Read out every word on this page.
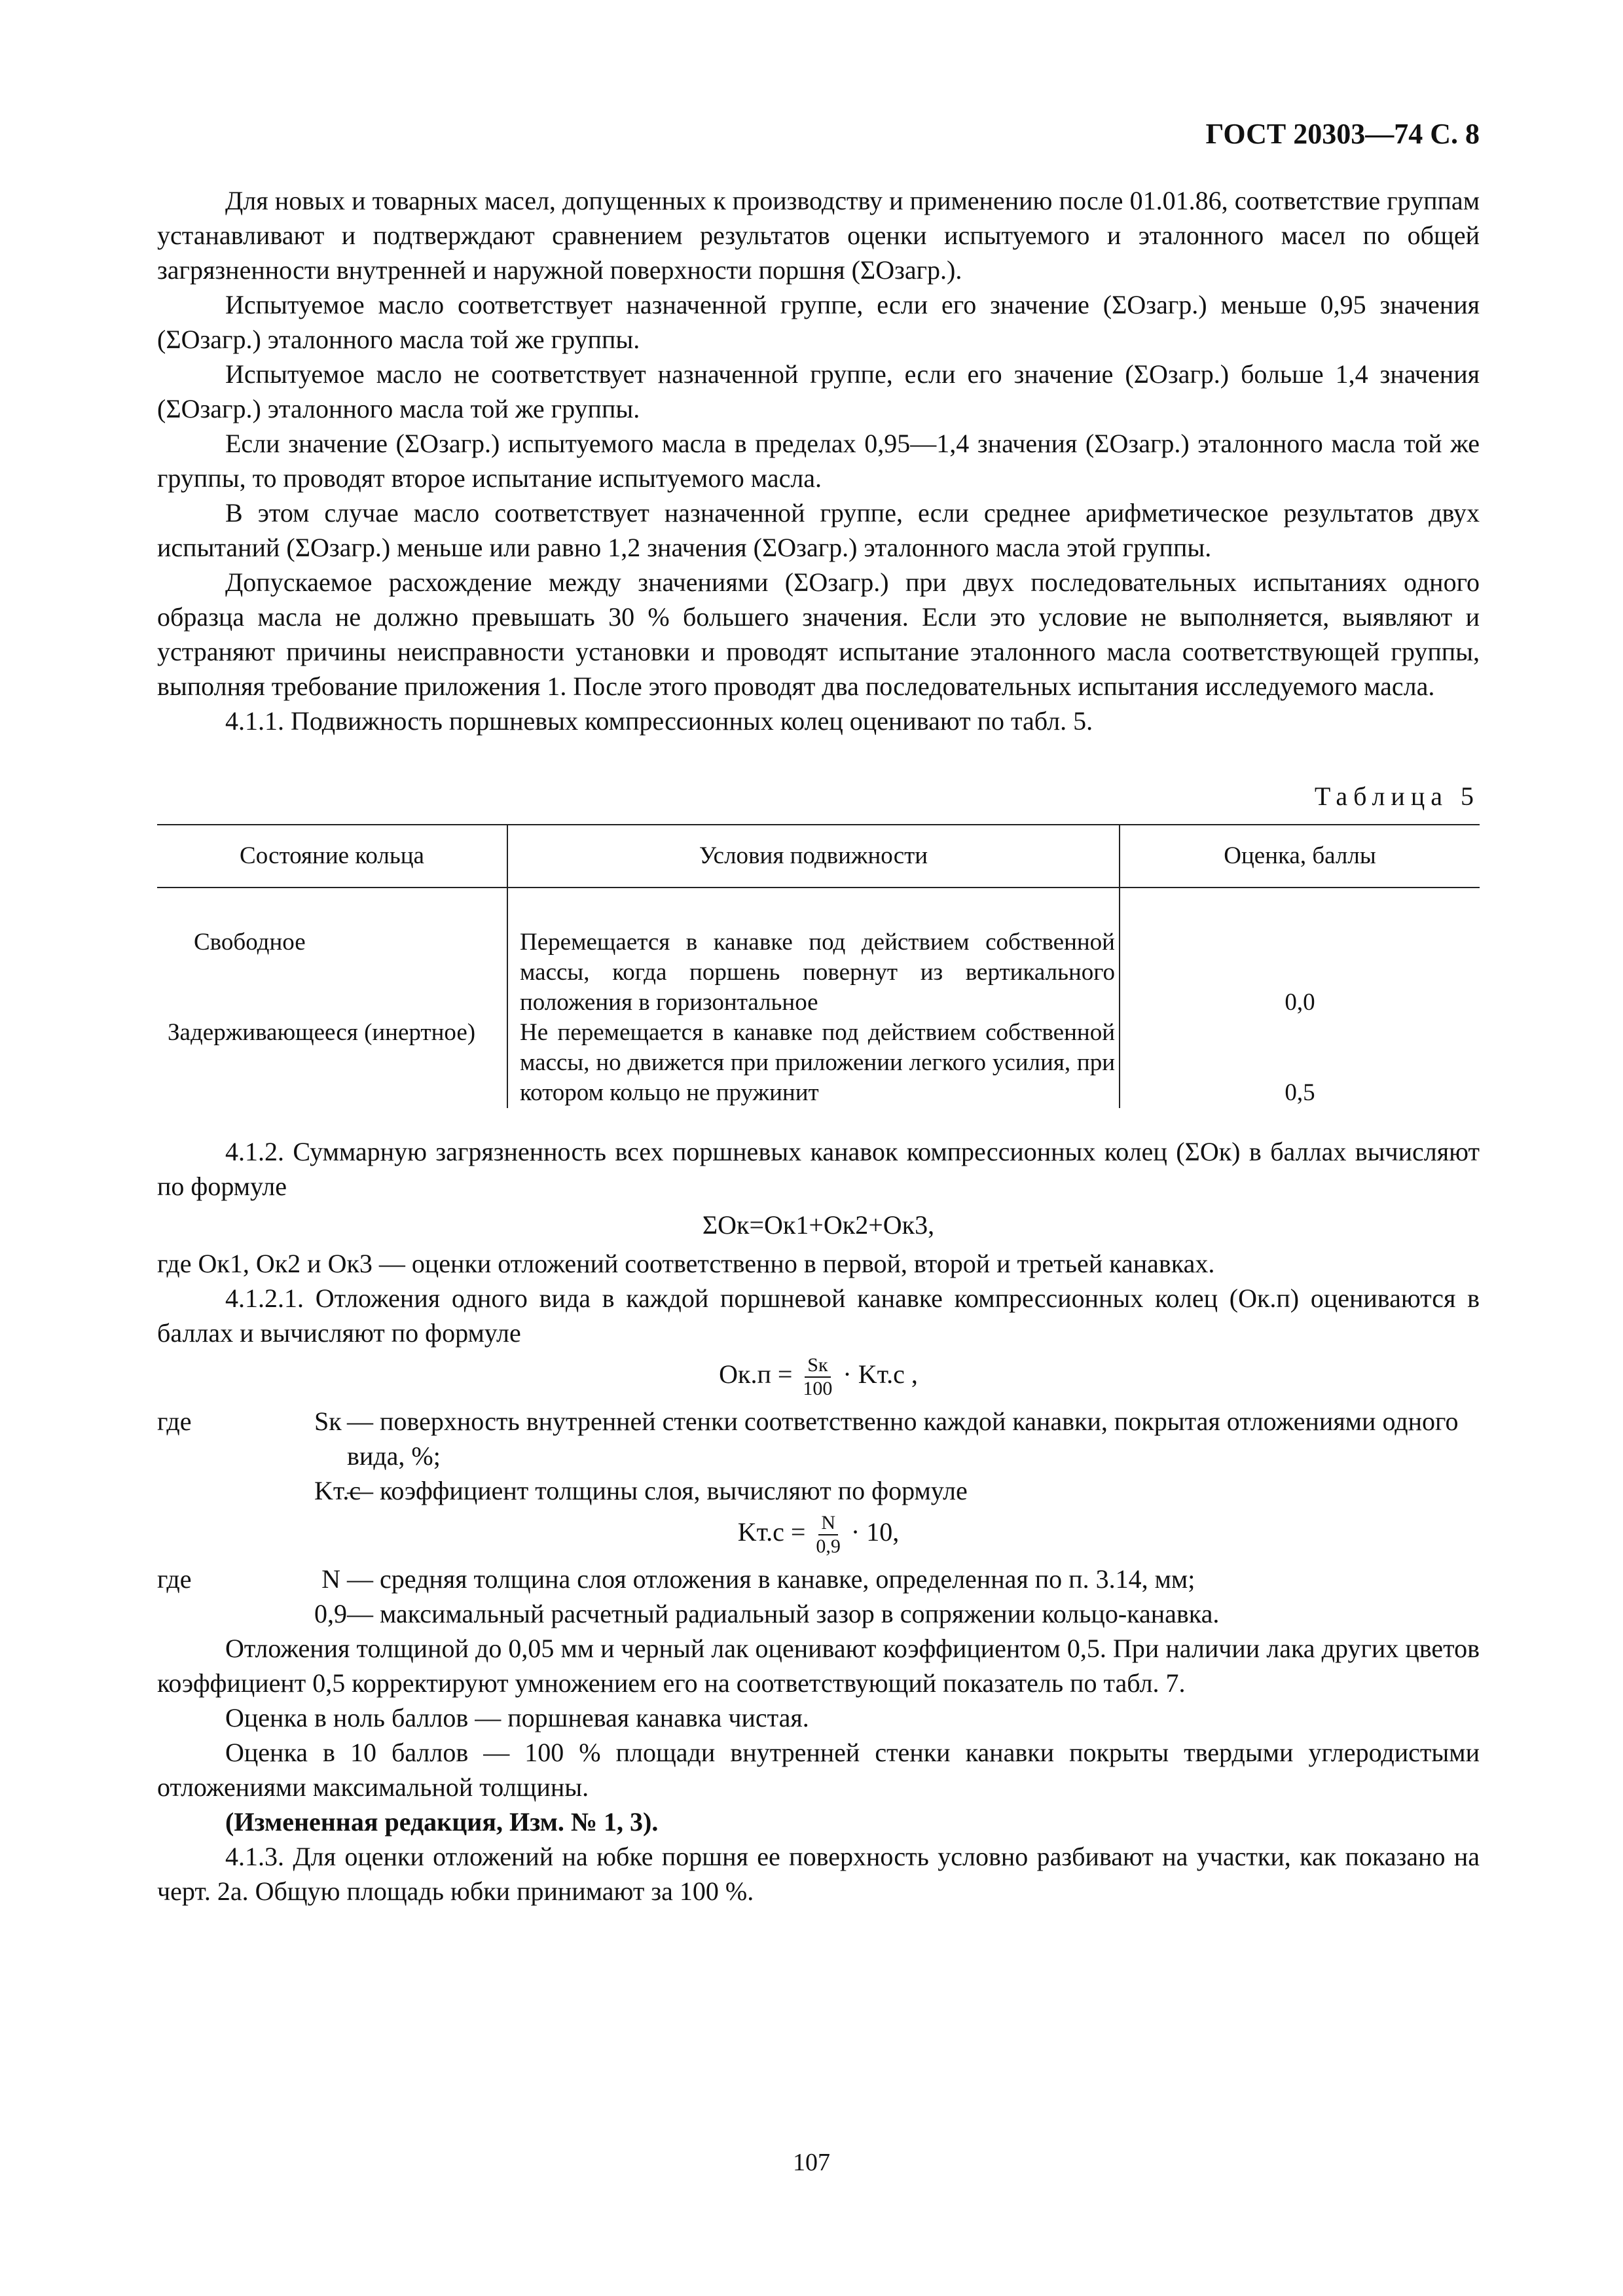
ГОСТ 20303—74 С. 8

Для новых и товарных масел, допущенных к производству и применению после 01.01.86, соответствие группам устанавливают и подтверждают сравнением результатов оценки испытуемого и эталонного масел по общей загрязненности внутренней и наружной поверхности поршня (ΣOзагр.).

Испытуемое масло соответствует назначенной группе, если его значение (ΣOзагр.) меньше 0,95 значения (ΣOзагр.) эталонного масла той же группы.

Испытуемое масло не соответствует назначенной группе, если его значение (ΣOзагр.) больше 1,4 значения (ΣOзагр.) эталонного масла той же группы.

Если значение (ΣOзагр.) испытуемого масла в пределах 0,95—1,4 значения (ΣOзагр.) эталонного масла той же группы, то проводят второе испытание испытуемого масла.

В этом случае масло соответствует назначенной группе, если среднее арифметическое результатов двух испытаний (ΣOзагр.) меньше или равно 1,2 значения (ΣOзагр.) эталонного масла этой группы.

Допускаемое расхождение между значениями (ΣOзагр.) при двух последовательных испытаниях одного образца масла не должно превышать 30 % большего значения. Если это условие не выполняется, выявляют и устраняют причины неисправности установки и проводят испытание эталонного масла соответствующей группы, выполняя требование приложения 1. После этого проводят два последовательных испытания исследуемого масла.

4.1.1. Подвижность поршневых компрессионных колец оценивают по табл. 5.

Таблица 5
Состояние кольца	Условия подвижности	Оценка, баллы
Свободное	Перемещается в канавке под действием собственной массы, когда поршень повернут из вертикального положения в горизонтальное	0,0
Задерживающееся (инертное)	Не перемещается в канавке под действием собственной массы, но движется при приложении легкого усилия, при котором кольцо не пружинит	0,5

4.1.2. Суммарную загрязненность всех поршневых канавок компрессионных колец (ΣOк) в баллах вычисляют по формуле

ΣOк=Oк1+Oк2+Oк3,

где Oк1, Oк2 и Oк3 — оценки отложений соответственно в первой, второй и третьей канавках.

4.1.2.1. Отложения одного вида в каждой поршневой канавке компрессионных колец (Oк.п) оцениваются в баллах и вычисляют по формуле

$Oк.п = \frac{Sк}{100} \cdot Kт.с$ ,
где	Sк — поверхность внутренней стенки соответственно каждой канавки, покрытая отложениями одного вида, %;
Kт.с
— коэффициент толщины слоя, вычисляют по формуле
$Kт.с = \frac{N}{0,9} \cdot 10$,
где	N — средняя толщина слоя отложения в канавке, определенная по п. 3.14, мм;
0,9 — максимальный расчетный радиальный зазор в сопряжении кольцо-канавка.

Отложения толщиной до 0,05 мм и черный лак оценивают коэффициентом 0,5. При наличии лака других цветов коэффициент 0,5 корректируют умножением его на соответствующий показатель по табл. 7.

Оценка в ноль баллов — поршневая канавка чистая.

Оценка в 10 баллов — 100 % площади внутренней стенки канавки покрыты твердыми углеродистыми отложениями максимальной толщины.

(Измененная редакция, Изм. № 1, 3).

4.1.3. Для оценки отложений на юбке поршня ее поверхность условно разбивают на участки, как показано на черт. 2а. Общую площадь юбки принимают за 100 %.

107
